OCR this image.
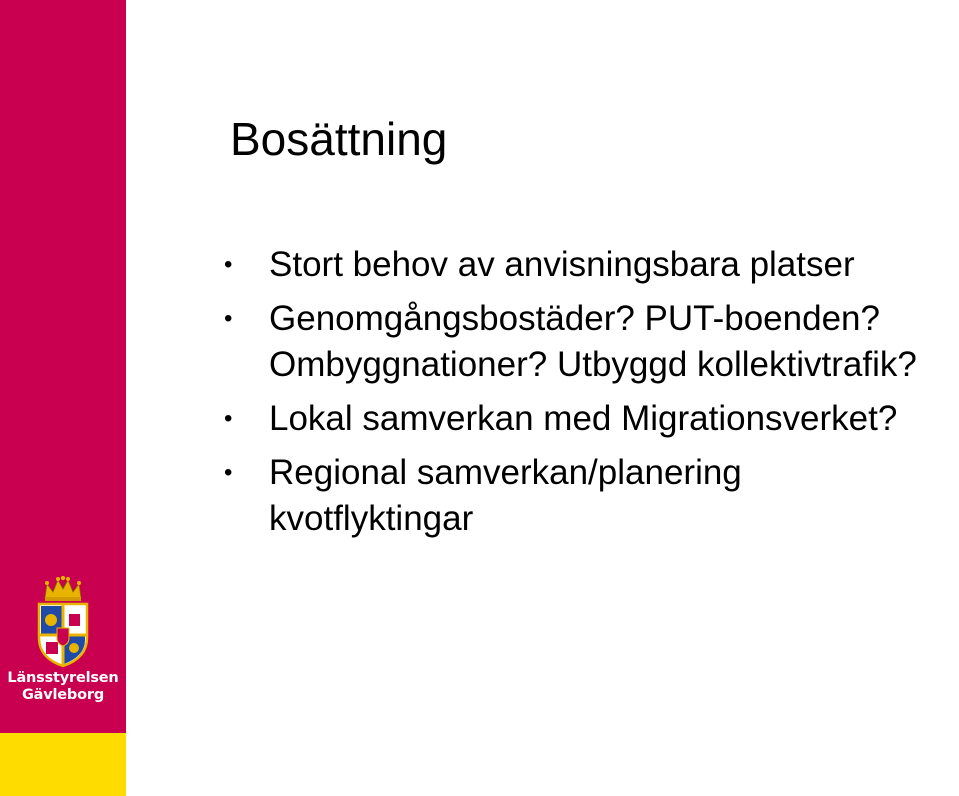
Länsstyrelsen
Gävleborg
Bosättning
• Stort behov av anvisningsbara platser
• Genomgångsbostäder? PUT-boenden? Ombyggnationer? Utbyggd kollektivtrafik?
• Lokal samverkan med Migrationsverket?
• Regional samverkan/planering kvotflyktingar
